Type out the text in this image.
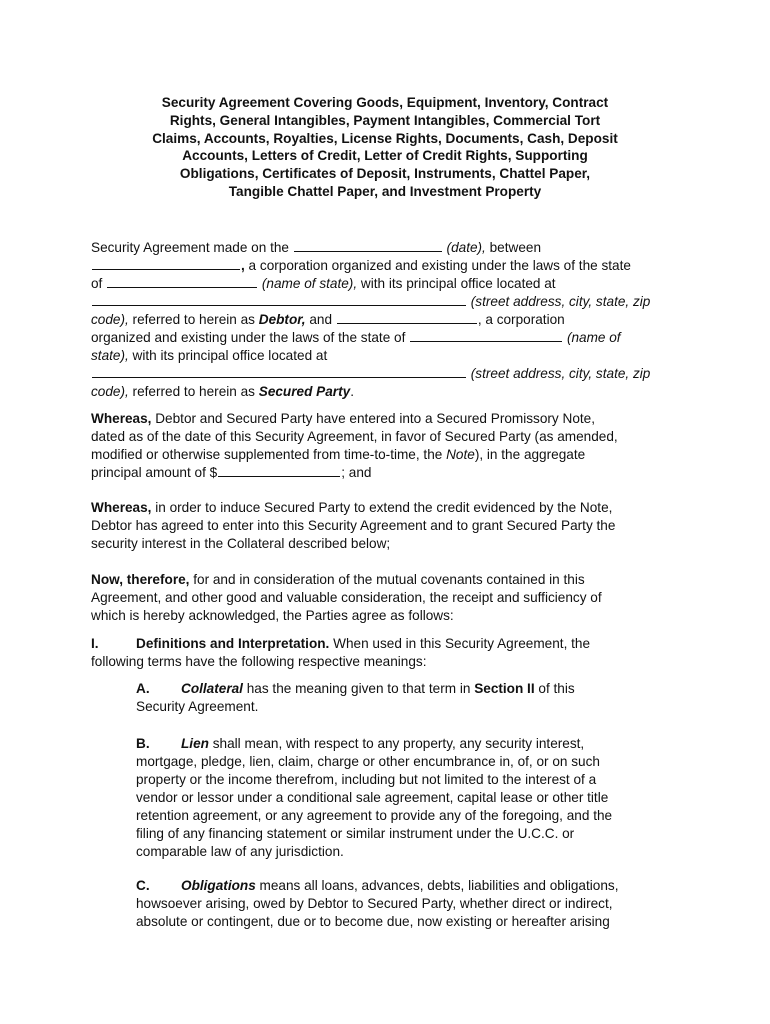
Security Agreement Covering Goods, Equipment, Inventory, Contract
Rights, General Intangibles, Payment Intangibles, Commercial Tort
Claims, Accounts, Royalties, License Rights, Documents, Cash, Deposit
Accounts, Letters of Credit, Letter of Credit Rights, Supporting
Obligations, Certificates of Deposit, Instruments, Chattel Paper,
Tangible Chattel Paper, and Investment Property
Security Agreement made on the	(date), between
, a corporation organized and existing under the laws of the state
of	(name of state), with its principal office located at
(street address, city, state, zip
code), referred to herein as Debtor, and	, a corporation
organized and existing under the laws of the state of	(name of
state), with its principal office located at
(street address, city, state, zip
code), referred to herein as Secured Party.
Whereas, Debtor and Secured Party have entered into a Secured Promissory Note,
dated as of the date of this Security Agreement, in favor of Secured Party (as amended,
modified or otherwise supplemented from time-to-time, the Note), in the aggregate
principal amount of $	; and
Whereas, in order to induce Secured Party to extend the credit evidenced by the Note,
Debtor has agreed to enter into this Security Agreement and to grant Secured Party the
security interest in the Collateral described below;
Now, therefore, for and in consideration of the mutual covenants contained in this
Agreement, and other good and valuable consideration, the receipt and sufficiency of
which is hereby acknowledged, the Parties agree as follows:
I.	Definitions and Interpretation. When used in this Security Agreement, the
following terms have the following respective meanings:
A. Collateral has the meaning given to that term in Section II of this
Security Agreement.
B. Lien shall mean, with respect to any property, any security interest,
mortgage, pledge, lien, claim, charge or other encumbrance in, of, or on such
property or the income therefrom, including but not limited to the interest of a
vendor or lessor under a conditional sale agreement, capital lease or other title
retention agreement, or any agreement to provide any of the foregoing, and the
filing of any financing statement or similar instrument under the U.C.C. or
comparable law of any jurisdiction.
C. Obligations means all loans, advances, debts, liabilities and obligations,
howsoever arising, owed by Debtor to Secured Party, whether direct or indirect,
absolute or contingent, due or to become due, now existing or hereafter arising
